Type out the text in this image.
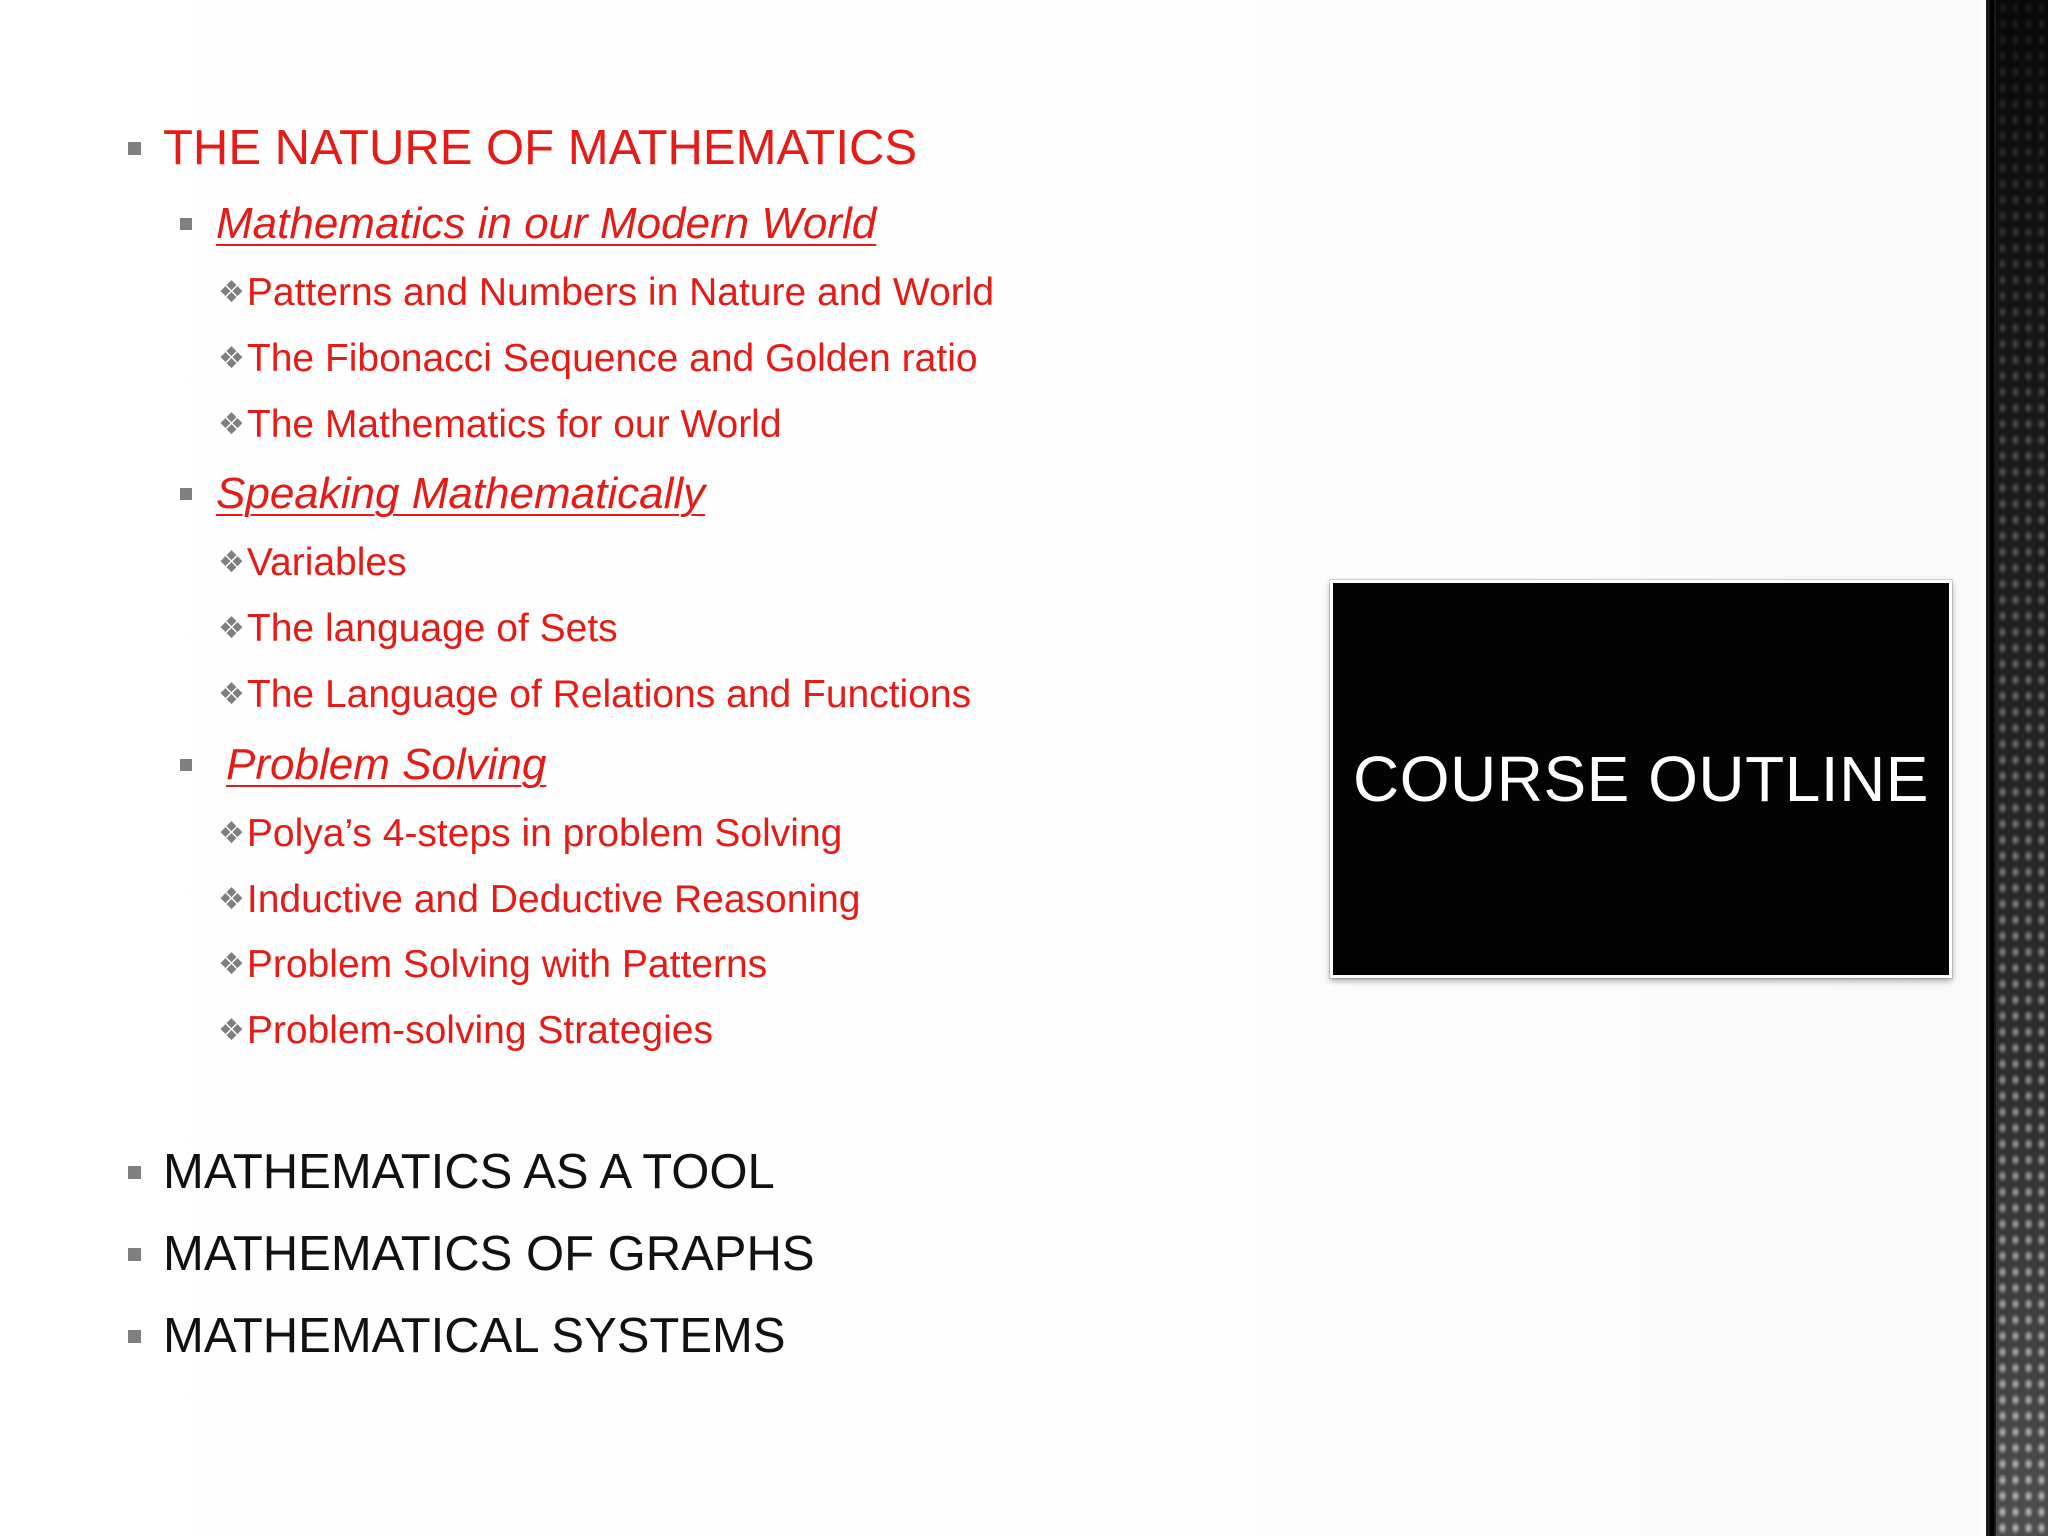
THE NATURE OF MATHEMATICS
Mathematics in our Modern World
❖ Patterns and Numbers in Nature and World
❖ The Fibonacci Sequence and Golden ratio
❖ The Mathematics for our World
Speaking Mathematically
❖ Variables
❖ The language of Sets
❖ The Language of Relations and Functions
Problem Solving
❖ Polya’s 4-steps in problem Solving
❖ Inductive and Deductive Reasoning
❖ Problem Solving with Patterns
❖ Problem-solving Strategies
MATHEMATICS AS A TOOL
MATHEMATICS OF GRAPHS
MATHEMATICAL SYSTEMS
COURSE OUTLINE
